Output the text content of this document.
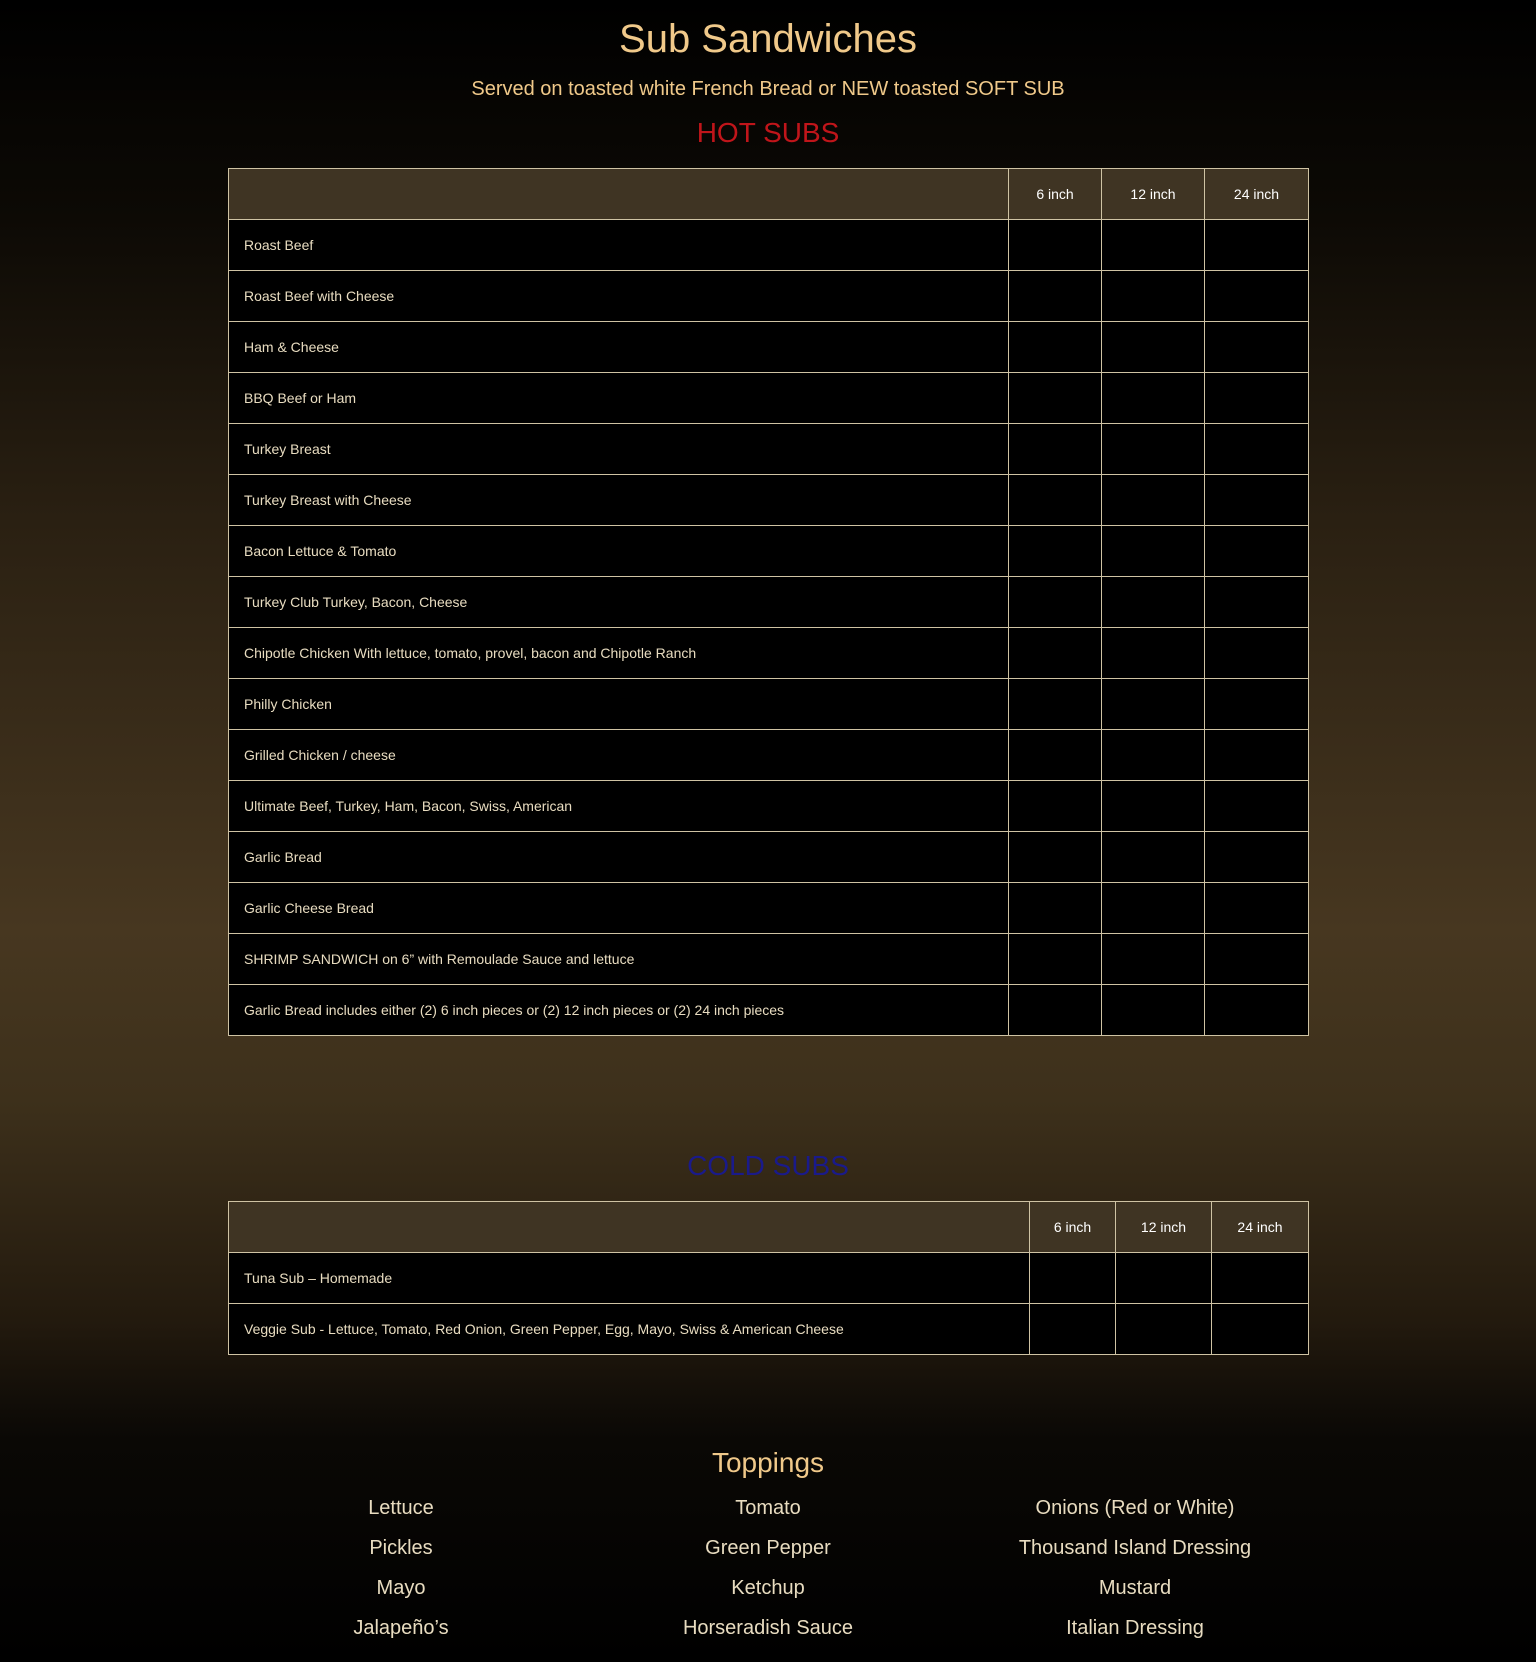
Sub Sandwiches
Served on toasted white French Bread or NEW toasted SOFT SUB
HOT SUBS
	6 inch	12 inch	24 inch
Roast Beef			
Roast Beef with Cheese			
Ham & Cheese			
BBQ Beef or Ham			
Turkey Breast			
Turkey Breast with Cheese			
Bacon Lettuce & Tomato			
Turkey Club Turkey, Bacon, Cheese			
Chipotle Chicken With lettuce, tomato, provel, bacon and Chipotle Ranch			
Philly Chicken			
Grilled Chicken / cheese			
Ultimate Beef, Turkey, Ham, Bacon, Swiss, American			
Garlic Bread			
Garlic Cheese Bread			
SHRIMP SANDWICH on 6” with Remoulade Sauce and lettuce			
Garlic Bread includes either (2) 6 inch pieces or (2) 12 inch pieces or (2) 24 inch pieces			
COLD SUBS
	6 inch	12 inch	24 inch
Tuna Sub – Homemade			
Veggie Sub - Lettuce, Tomato, Red Onion, Green Pepper, Egg, Mayo, Swiss & American Cheese			
Toppings
Lettuce	Tomato	Onions (Red or White)
Pickles	Green Pepper	Thousand Island Dressing
Mayo	Ketchup	Mustard
Jalapeño’s	Horseradish Sauce	Italian Dressing
